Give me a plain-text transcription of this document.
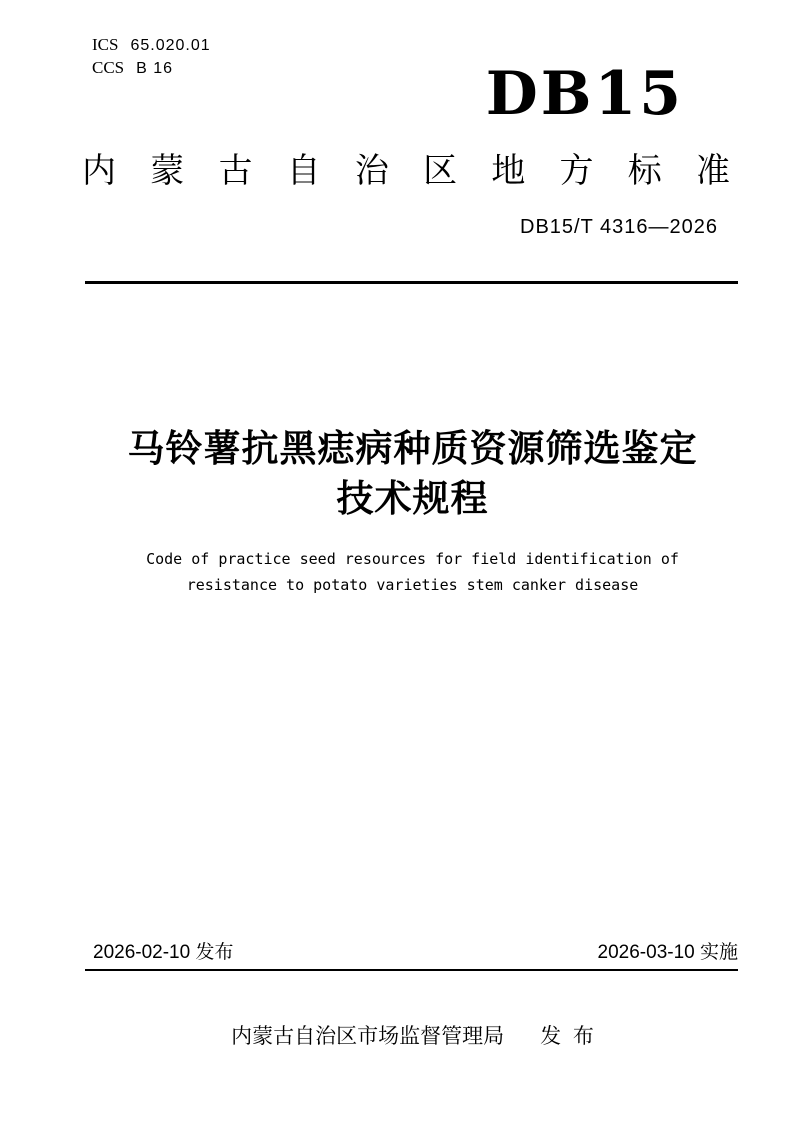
ICS 65.020.01
CCS B 16	DB15
内蒙古自治区地方标准
DB15/T 4316—2026
马铃薯抗黑痣病种质资源筛选鉴定
技术规程
Code of practice seed resources for field identification of
resistance to potato varieties stem canker disease
2026-02-10 发布	2026-03-10 实施
内蒙古自治区市场监督管理局 发  布
